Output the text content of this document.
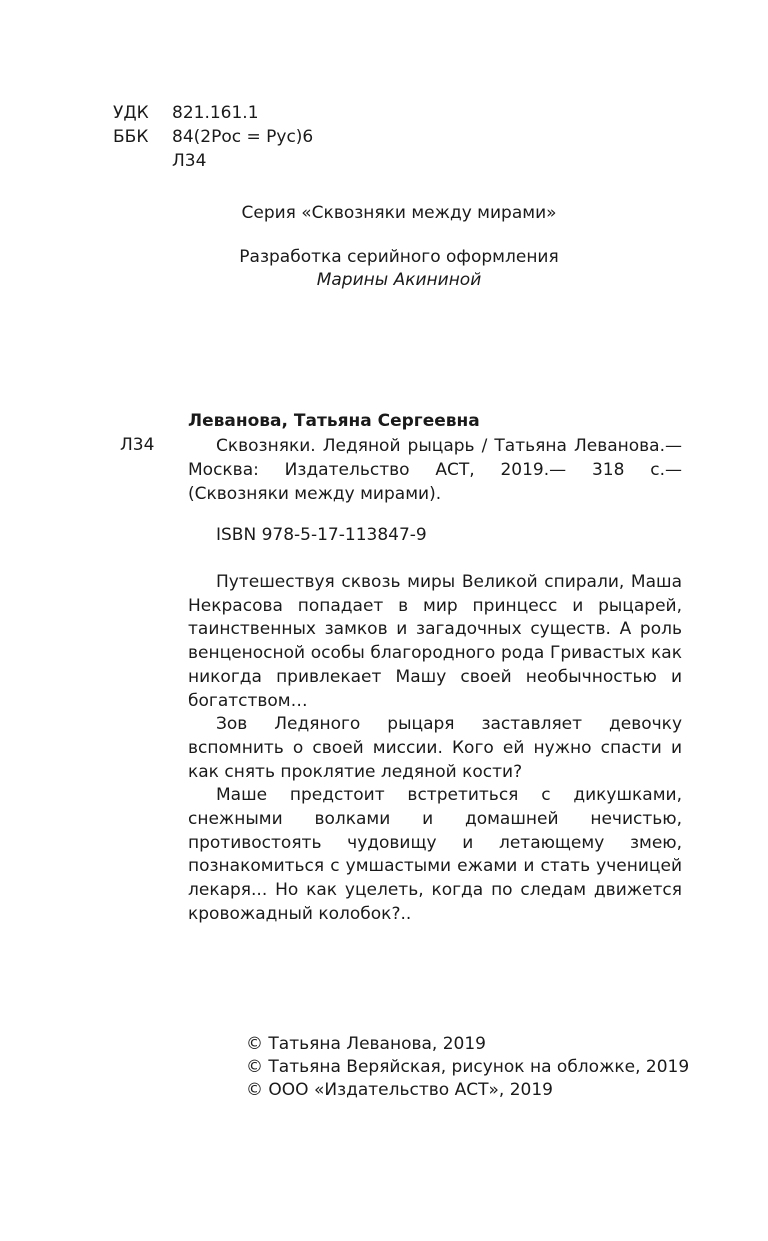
УДК 821.161.1
ББК 84(2Рос = Рус)6
Л34
Серия «Сквозняки между мирами»
Разработка серийного оформления
Марины Акининой
Леванова, Татьяна Сергеевна
Л34	Сквозняки. Ледяной рыцарь / Татьяна Леванова.— Москва: Издательство АСТ, 2019.— 318 с.— (Сквозняки между мирами).

ISBN 978-5-17-113847-9

Путешествуя сквозь миры Великой спирали, Маша Некрасова попадает в мир принцесс и рыцарей, таинственных замков и загадочных существ. А роль венценосной особы благородного рода Гривастых как никогда привлекает Машу своей необычностью и богатством…

Зов Ледяного рыцаря заставляет девочку вспомнить о своей миссии. Кого ей нужно спасти и как снять проклятие ледяной кости?

Маше предстоит встретиться с дикушками, снежными волками и домашней нечистью, противостоять чудовищу и летающему змею, познакомиться с умшастыми ежами и стать ученицей лекаря... Но как уцелеть, когда по следам движется кровожадный колобок?..

© Татьяна Леванова, 2019
© Татьяна Веряйская, рисунок на обложке, 2019
© ООО «Издательство АСТ», 2019
